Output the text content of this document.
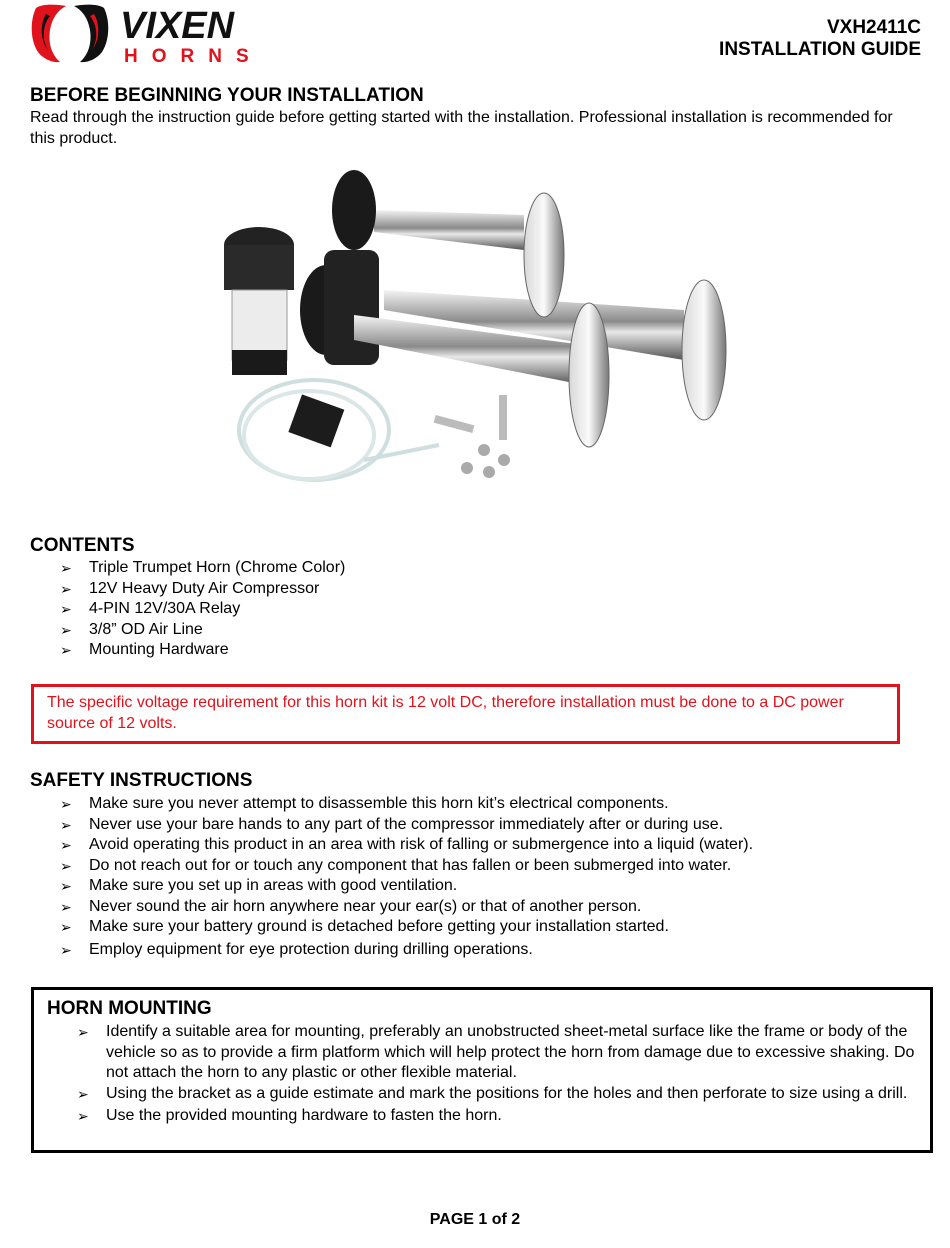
VIXEN
HORNS
VXH2411C
INSTALLATION GUIDE
BEFORE BEGINNING YOUR INSTALLATION

Read through the instruction guide before getting started with the installation. Professional installation is recommended for this product.

CONTENTS
➢ Triple Trumpet Horn (Chrome Color)
➢ 12V Heavy Duty Air Compressor
➢ 4-PIN 12V/30A Relay
➢ 3/8” OD Air Line
➢ Mounting Hardware
The specific voltage requirement for this horn kit is 12 volt DC, therefore installation must be done to a DC power source of 12 volts.
SAFETY INSTRUCTIONS
➢ Make sure you never attempt to disassemble this horn kit’s electrical components.
➢ Never use your bare hands to any part of the compressor immediately after or during use.
➢ Avoid operating this product in an area with risk of falling or submergence into a liquid (water).
➢ Do not reach out for or touch any component that has fallen or been submerged into water.
➢ Make sure you set up in areas with good ventilation.
➢ Never sound the air horn anywhere near your ear(s) or that of another person.
➢ Make sure your battery ground is detached before getting your installation started.
➢ Employ equipment for eye protection during drilling operations.
HORN MOUNTING
➢ Identify a suitable area for mounting, preferably an unobstructed sheet-metal surface like the frame or body of the vehicle so as to provide a firm platform which will help protect the horn from damage due to excessive shaking. Do not attach the horn to any plastic or other flexible material.
➢ Using the bracket as a guide estimate and mark the positions for the holes and then perforate to size using a drill.
➢ Use the provided mounting hardware to fasten the horn.
PAGE 1 of 2
